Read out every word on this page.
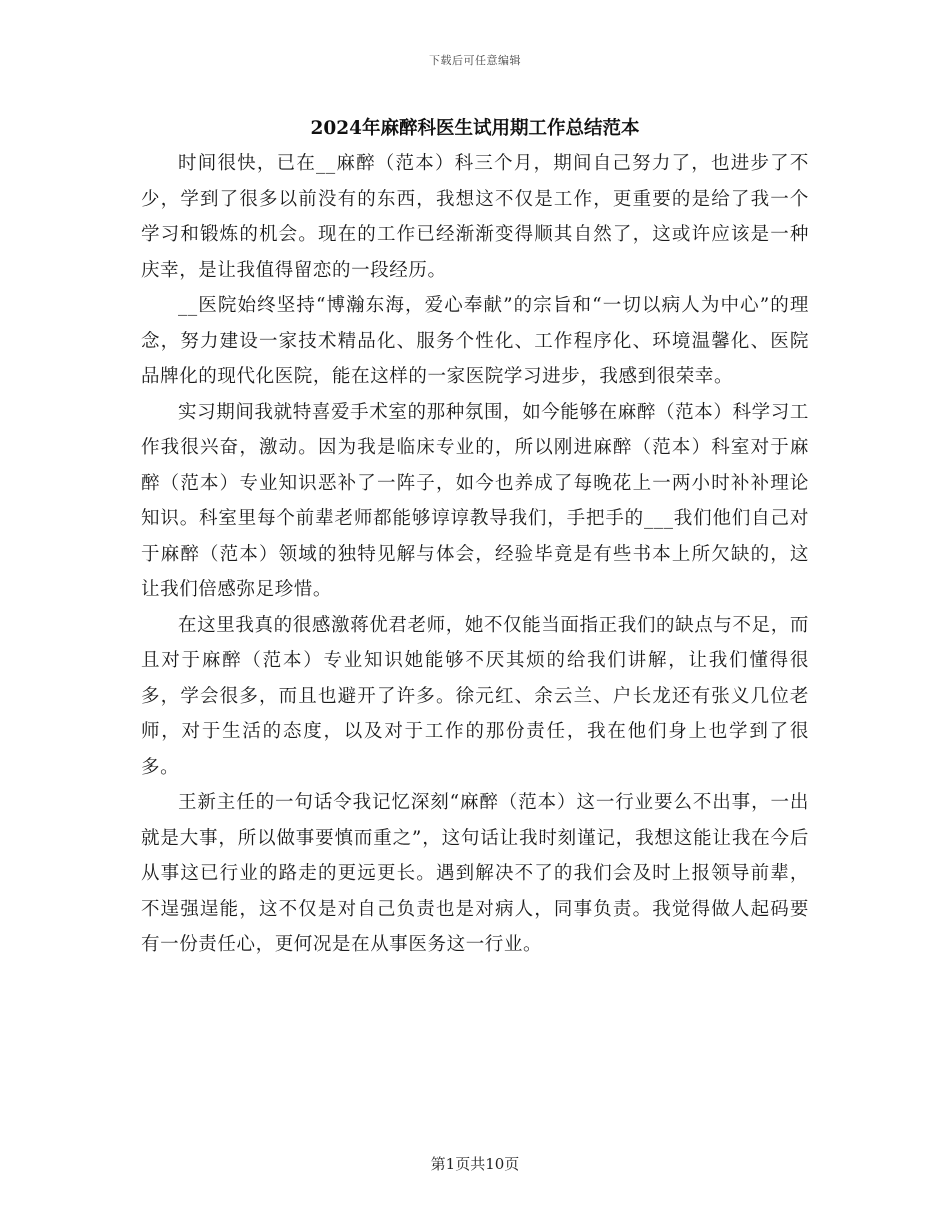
下载后可任意编辑
2024年麻醉科医生试用期工作总结范本

时间很快，已在__麻醉（范本）科三个月，期间自己努力了，也进步了不少，学到了很多以前没有的东西，我想这不仅是工作，更重要的是给了我一个学习和锻炼的机会。现在的工作已经渐渐变得顺其自然了，这或许应该是一种庆幸，是让我值得留恋的一段经历。

__医院始终坚持“博瀚东海，爱心奉献”的宗旨和“一切以病人为中心”的理念，努力建设一家技术精品化、服务个性化、工作程序化、环境温馨化、医院品牌化的现代化医院，能在这样的一家医院学习进步，我感到很荣幸。

实习期间我就特喜爱手术室的那种氛围，如今能够在麻醉（范本）科学习工作我很兴奋，激动。因为我是临床专业的，所以刚进麻醉（范本）科室对于麻醉（范本）专业知识恶补了一阵子，如今也养成了每晚花上一两小时补补理论知识。科室里每个前辈老师都能够谆谆教导我们，手把手的___我们他们自己对于麻醉（范本）领域的独特见解与体会，经验毕竟是有些书本上所欠缺的，这让我们倍感弥足珍惜。

在这里我真的很感激蒋优君老师，她不仅能当面指正我们的缺点与不足，而且对于麻醉（范本）专业知识她能够不厌其烦的给我们讲解，让我们懂得很多，学会很多，而且也避开了许多。徐元红、余云兰、户长龙还有张义几位老师，对于生活的态度，以及对于工作的那份责任，我在他们身上也学到了很多。

王新主任的一句话令我记忆深刻“麻醉（范本）这一行业要么不出事，一出就是大事，所以做事要慎而重之”，这句话让我时刻谨记，我想这能让我在今后从事这已行业的路走的更远更长。遇到解决不了的我们会及时上报领导前辈，不逞强逞能，这不仅是对自己负责也是对病人，同事负责。我觉得做人起码要有一份责任心，更何况是在从事医务这一行业。

第1页共10页
